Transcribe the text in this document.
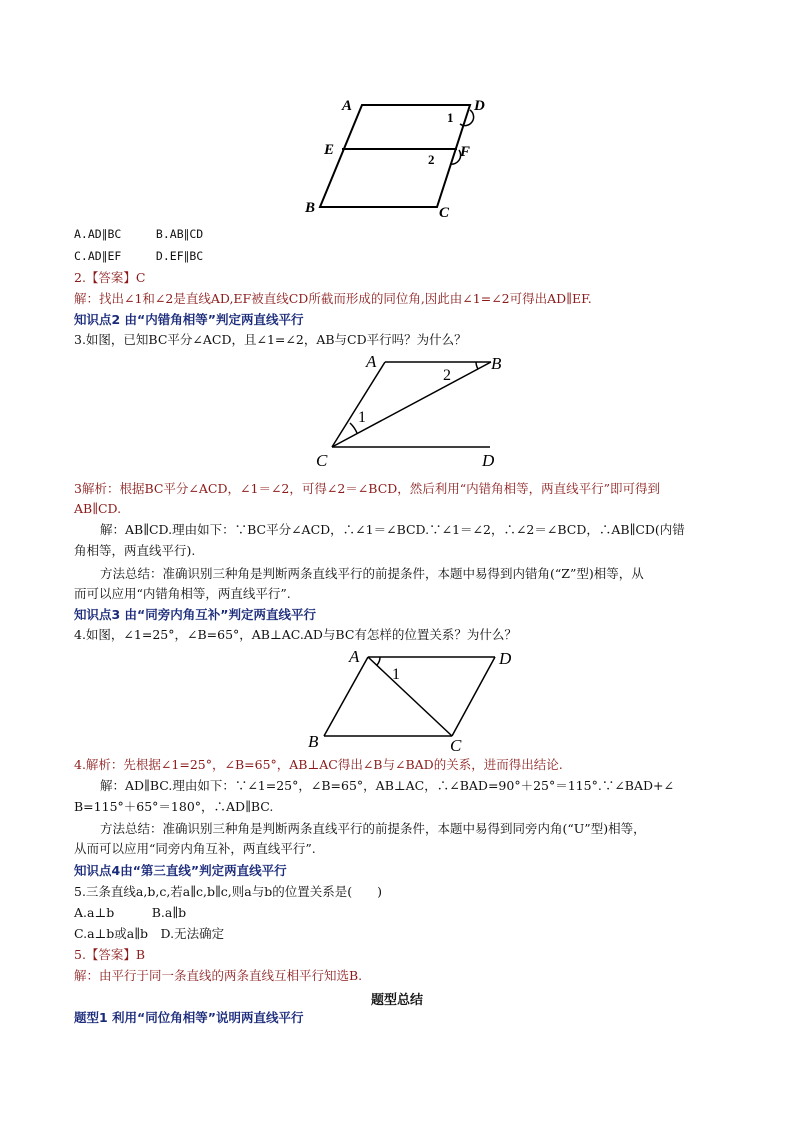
A	D
E	F
B	C
1
2
A.AD∥BC	B.AB∥CD
C.AD∥EF	D.EF∥BC
2.【答案】C
解：找出∠1和∠2是直线AD,EF被直线CD所截而形成的同位角,因此由∠1=∠2可得出AD∥EF.
知识点2 由“内错角相等”判定两直线平行
3.如图，已知BC平分∠ACD，且∠1=∠2，AB与CD平行吗？为什么？
A	B
C	D
2
1
3解析：根据BC平分∠ACD，∠1＝∠2，可得∠2＝∠BCD，然后利用“内错角相等，两直线平行”即可得到
AB∥CD.
解：AB∥CD.理由如下：∵BC平分∠ACD，∴∠1＝∠BCD.∵∠1＝∠2，∴∠2＝∠BCD，∴AB∥CD(内错
角相等，两直线平行).
方法总结：准确识别三种角是判断两条直线平行的前提条件，本题中易得到内错角(“Z”型)相等，从
而可以应用“内错角相等，两直线平行”.
知识点3 由“同旁内角互补”判定两直线平行
4.如图，∠1=25°，∠B=65°，AB⊥AC.AD与BC有怎样的位置关系？为什么？
A	D
B	C
1
4.解析：先根据∠1=25°，∠B=65°，AB⊥AC得出∠B与∠BAD的关系，进而得出结论.
解：AD∥BC.理由如下：∵∠1=25°，∠B=65°，AB⊥AC，∴∠BAD=90°＋25°＝115°.∵∠BAD+∠
B=115°＋65°＝180°，∴AD∥BC.
方法总结：准确识别三种角是判断两条直线平行的前提条件，本题中易得到同旁内角(“U”型)相等，
从而可以应用“同旁内角互补，两直线平行”.
知识点4由“第三直线”判定两直线平行
5.三条直线a,b,c,若a∥c,b∥c,则a与b的位置关系是(　　)
A.a⊥b　　　B.a∥b
C.a⊥b或a∥b　D.无法确定
5.【答案】B
解：由平行于同一条直线的两条直线互相平行知选B.
题型总结
题型1 利用“同位角相等”说明两直线平行
